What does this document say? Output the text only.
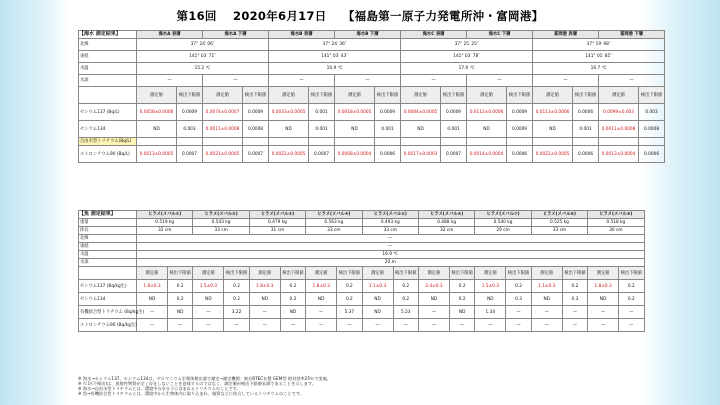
第16回 2020年6月17日 【福島第一原子力発電所沖・富岡港】
【海水 測定結果】	海水A 表層		海水A 下層		海水B 表層		海水B 下層		海水C 表層		海水C 下層		富岡港 表層		富岡港 下層	
北緯	37° 24′ 06″				37° 24′ 36″				37° 25′ 25″				37° 19′ 98″			
東経	141° 03′ 71″				141° 03′ 43″				141° 03′ 78″				141° 01′ 85″			
水温	15.2 ℃				16.9 ℃				17.6 ℃				16.7 ℃			
水深	—		—		—		—		—		—		—		—	
	測定値	検出下限値	測定値	検出下限値	測定値	検出下限値	測定値	検出下限値	測定値	検出下限値	測定値	検出下限値	測定値	検出下限値	測定値	検出下限値
セシウム137 (Bq/L)	0.0058±0.0006	0.0009	0.0074±0.0007	0.0009	0.0033±0.0005	0.001	0.0018±0.0005	0.0009	0.0084±0.0005	0.0009	0.0112±0.0006	0.0009	0.0113±0.0006	0.0006	0.0099±0.003	0.003
セシウム134	ND	0.003	0.0011±0.0008	0.0008	ND	0.001	ND	0.001	ND	0.001	ND	0.0009	ND	0.001	0.0011±0.0008	0.0008
自由水型トリチウム(Bq/L)																
ストロンチウム90 (Bq/L)	0.0013±0.0005	0.0007	0.0021±0.0005	0.0007	0.0022±0.0005	0.0007	0.0008±0.0004	0.0006	0.0017±0.0003	0.0007	0.0014±0.0004	0.0006	0.0022±0.0005	0.0006	0.0013±0.0004	0.0006
【魚 測定結果】	ヒラメ(メバル①)		ヒラメ(メバル②)		ヒラメ(メバル③)		ヒラメ(メバル④)		ヒラメ(メバル⑤)		ヒラメ(メバル⑥)		ヒラメ(メバル⑦)		ヒラメ(メバル⑧)		ヒラメ(メバル⑨)	
重量	0.519 kg		0.543 kg		0.479 kg		0.563 kg		0.493 kg		0.488 kg		0.540 kg		0.525 kg		0.518 kg	
体長	32 cm		33 cm		31 cm		33 cm		33 cm		32 cm		29 cm		33 cm		30 cm	
北緯	—																	
東経	—																	
水温	16.9 ℃																	
水深	20 m																	
	測定値	検出下限値	測定値	検出下限値	測定値	検出下限値	測定値	検出下限値	測定値	検出下限値	測定値	検出下限値	測定値	検出下限値	測定値	検出下限値	測定値	検出下限値
セシウム137 (Bq/kg生)	1.8±0.3	0.2	1.5±0.3	0.2	1.8±0.3	0.2	1.8±0.3	0.2	1.1±0.3	0.2	2.4±0.3	0.2	1.5±0.3	0.2	1.1±0.3	0.2	1.8±0.3	0.2
セシウム134	ND	0.2	ND	0.2	ND	0.2	ND	0.2	ND	0.2	ND	0.2	ND	0.3	ND	0.3	ND	0.2
有機結合型トリチウム (Bq/kg生)	—	ND	—	3.22	—	ND	—	5.37	ND	5.23	—	ND	1.34	—	—	—	—	—
ストロンチウム90 (Bq/kg生)	—	—	—	—	—	—	—	—	—	—	—	—	—	—	—	—	—	—
※ 海水→セシウム137、セシウム134は、ゲルマニウム半導体検出器で測定→測定機関：東京BTEC社製 GEM型 相対効率25％で実施。
※ ＮＤ(不検出)は、放射性物質が全く存在しないことを意味するのではなく、測定値が検出下限値未満であることを示します。
※ 海水→自由水型トリチウムとは、環境中の水分子に含まれるトリチウムのことです。
※ 魚→有機結合型トリチウムとは、環境中から生物体内に取り込まれ、脂質などに結合しているトリチウムのことです。
